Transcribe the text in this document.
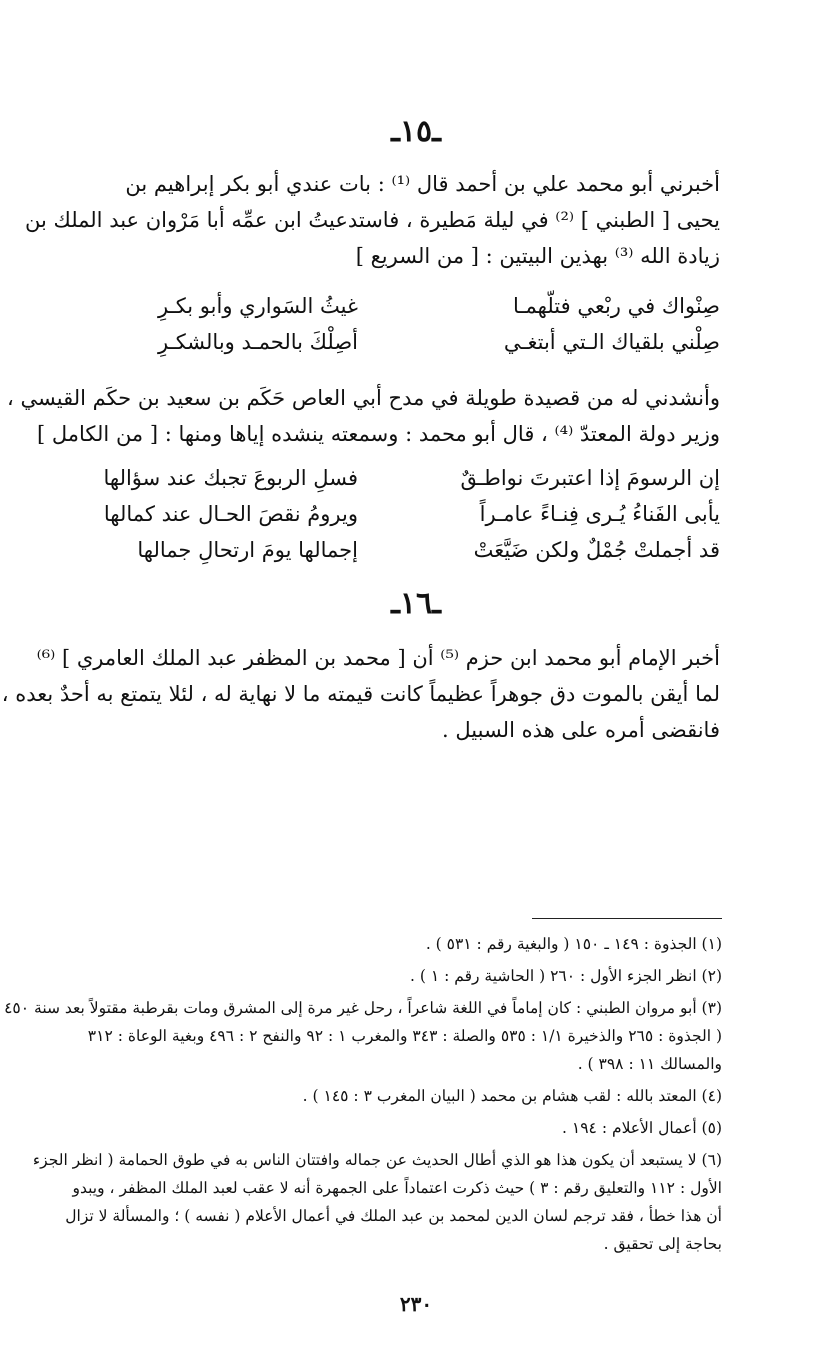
ـ١٥ـ
أخبرني أبو محمد علي بن أحمد قال ⁽¹⁾ : بات عندي أبو بكر إبراهيم بن
يحيى [ الطبني ] ⁽²⁾ في ليلة مَطيرة ، فاستدعيتُ ابن عمِّه أبا مَرْوان عبد الملك بن
زيادة الله ⁽³⁾ بهذين البيتين : [ من السريع ]
صِنْواك في ربْعي فتلّهمـا
غيثُ السَواري وأبو بكـرِ
صِلْني بلقياك الـتي أبتغـي
أصِلْكَ بالحمـد وبالشكـرِ
وأنشدني له من قصيدة طويلة في مدح أبي العاص حَكَم بن سعيد بن حكَم القيسي ،
وزير دولة المعتدّ ⁽⁴⁾ ، قال أبو محمد : وسمعته ينشده إياها ومنها : [ من الكامل ]
إن الرسومَ إذا اعتبرتَ نواطـقٌ
فسلِ الربوعَ تجبك عند سؤالها
يأبى الفَناءُ يُـرى فِنـاءً عامـراً
ويرومُ نقصَ الحـال عند كمالها
قد أجملتْ جُمْلٌ ولكن ضَيَّعَتْ
إجمالها يومَ ارتحالِ جمالها
ـ١٦ـ
أخبر الإمام أبو محمد ابن حزم ⁽⁵⁾ أن [ محمد بن المظفر عبد الملك العامري ] ⁽⁶⁾
لما أيقن بالموت دق جوهراً عظيماً كانت قيمته ما لا نهاية له ، لئلا يتمتع به أحدٌ بعده ،
فانقضى أمره على هذه السبيل .
(١) الجذوة : ١٤٩ ـ ١٥٠ ( والبغية رقم : ٥٣١ ) .
(٢) انظر الجزء الأول : ٢٦٠ ( الحاشية رقم : ١ ) .
(٣) أبو مروان الطبني : كان إماماً في اللغة شاعراً ، رحل غير مرة إلى المشرق ومات بقرطبة مقتولاً بعد سنة ٤٥٠
( الجذوة : ٢٦٥ والذخيرة ١/١ : ٥٣٥ والصلة : ٣٤٣ والمغرب ١ : ٩٢ والنفح ٢ : ٤٩٦ وبغية الوعاة : ٣١٢
والمسالك ١١ : ٣٩٨ ) .
(٤) المعتد بالله : لقب هشام بن محمد ( البيان المغرب ٣ : ١٤٥ ) .
(٥) أعمال الأعلام : ١٩٤ .
(٦) لا يستبعد أن يكون هذا هو الذي أطال الحديث عن جماله وافتتان الناس به في طوق الحمامة ( انظر الجزء
الأول : ١١٢ والتعليق رقم : ٣ ) حيث ذكرت اعتماداً على الجمهرة أنه لا عقب لعبد الملك المظفر ، ويبدو
أن هذا خطأ ، فقد ترجم لسان الدين لمحمد بن عبد الملك في أعمال الأعلام ( نفسه ) ؛ والمسألة لا تزال
بحاجة إلى تحقيق .
٢٣٠
